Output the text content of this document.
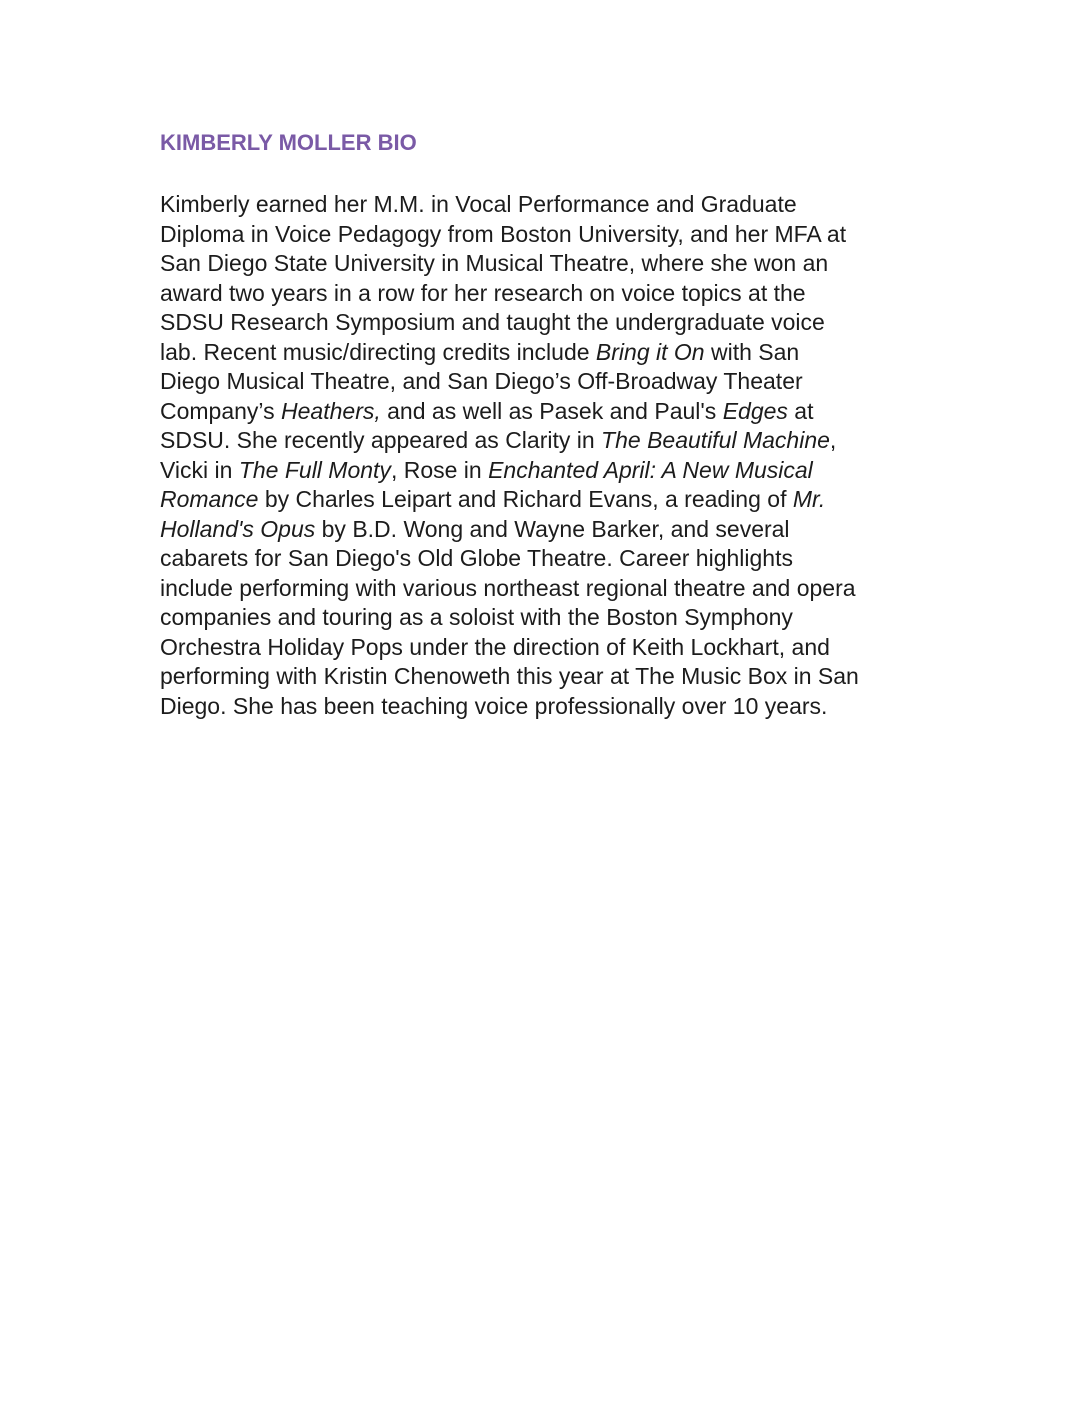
KIMBERLY MOLLER BIO
Kimberly earned her M.M. in Vocal Performance and Graduate
Diploma in Voice Pedagogy from Boston University, and her MFA at
San Diego State University in Musical Theatre, where she won an
award two years in a row for her research on voice topics at the
SDSU Research Symposium and taught the undergraduate voice
lab. Recent music/directing credits include Bring it On with San
Diego Musical Theatre, and San Diego’s Off-Broadway Theater
Company’s Heathers, and as well as Pasek and Paul's Edges at
SDSU. She recently appeared as Clarity in The Beautiful Machine,
Vicki in The Full Monty, Rose in Enchanted April: A New Musical
Romance by Charles Leipart and Richard Evans, a reading of Mr.
Holland's Opus by B.D. Wong and Wayne Barker, and several
cabarets for San Diego's Old Globe Theatre. Career highlights
include performing with various northeast regional theatre and opera
companies and touring as a soloist with the Boston Symphony
Orchestra Holiday Pops under the direction of Keith Lockhart, and
performing with Kristin Chenoweth this year at The Music Box in San
Diego. She has been teaching voice professionally over 10 years.
